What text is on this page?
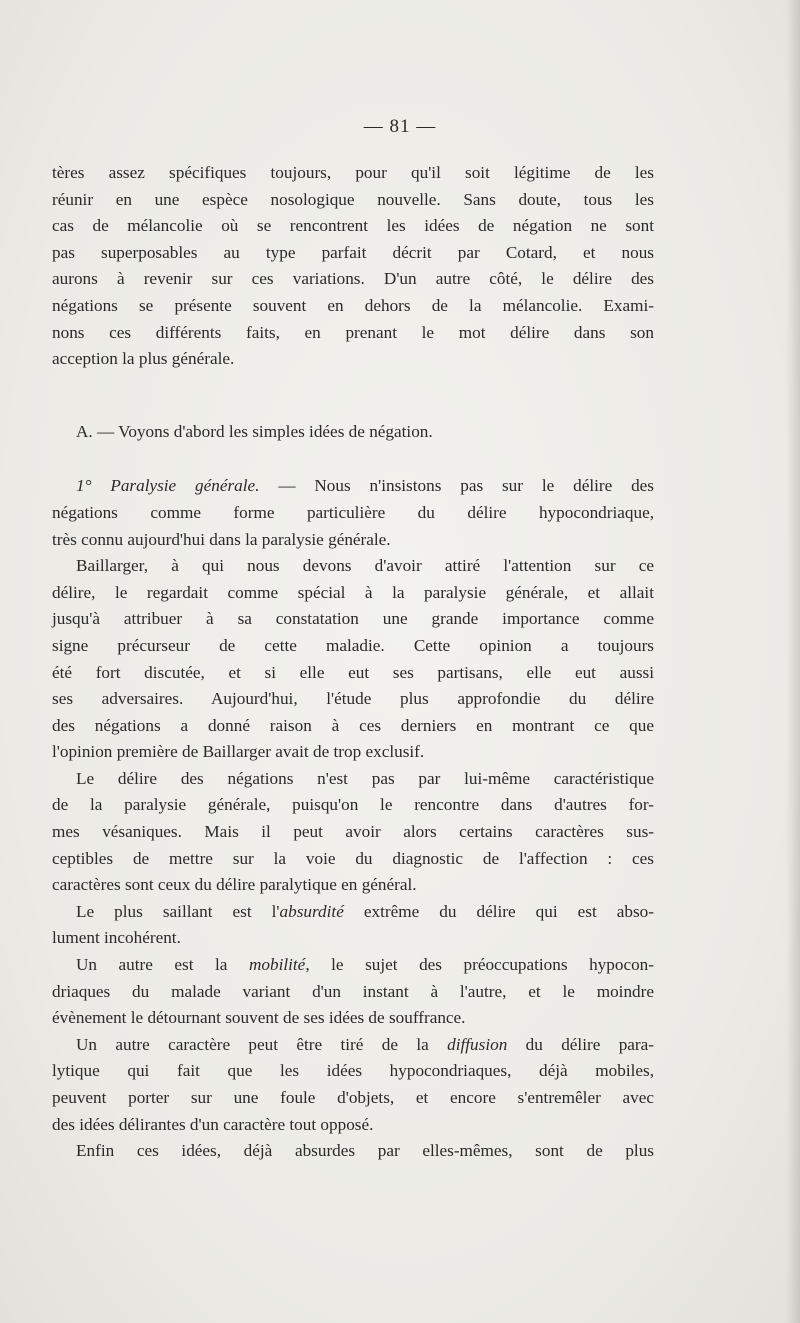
— 81 —

tères assez spécifiques toujours, pour qu'il soit légitime de les
réunir en une espèce nosologique nouvelle. Sans doute, tous les
cas de mélancolie où se rencontrent les idées de négation ne sont
pas superposables au type parfait décrit par Cotard, et nous
aurons à revenir sur ces variations. D'un autre côté, le délire des
négations se présente souvent en dehors de la mélancolie. Exami-
nons ces différents faits, en prenant le mot délire dans son
acception la plus générale.

A. — Voyons d'abord les simples idées de négation.

1° Paralysie générale. — Nous n'insistons pas sur le délire des
négations comme forme particulière du délire hypocondriaque,
très connu aujourd'hui dans la paralysie générale.

Baillarger, à qui nous devons d'avoir attiré l'attention sur ce
délire, le regardait comme spécial à la paralysie générale, et allait
jusqu'à attribuer à sa constatation une grande importance comme
signe précurseur de cette maladie. Cette opinion a toujours
été fort discutée, et si elle eut ses partisans, elle eut aussi
ses adversaires. Aujourd'hui, l'étude plus approfondie du délire
des négations a donné raison à ces derniers en montrant ce que
l'opinion première de Baillarger avait de trop exclusif.

Le délire des négations n'est pas par lui-même caractéristique
de la paralysie générale, puisqu'on le rencontre dans d'autres for-
mes vésaniques. Mais il peut avoir alors certains caractères sus-
ceptibles de mettre sur la voie du diagnostic de l'affection : ces
caractères sont ceux du délire paralytique en général.

Le plus saillant est l'absurdité extrême du délire qui est abso-
lument incohérent.

Un autre est la mobilité, le sujet des préoccupations hypocon-
driaques du malade variant d'un instant à l'autre, et le moindre
évènement le détournant souvent de ses idées de souffrance.

Un autre caractère peut être tiré de la diffusion du délire para-
lytique qui fait que les idées hypocondriaques, déjà mobiles,
peuvent porter sur une foule d'objets, et encore s'entremêler avec
des idées délirantes d'un caractère tout opposé.

Enfin ces idées, déjà absurdes par elles-mêmes, sont de plus
